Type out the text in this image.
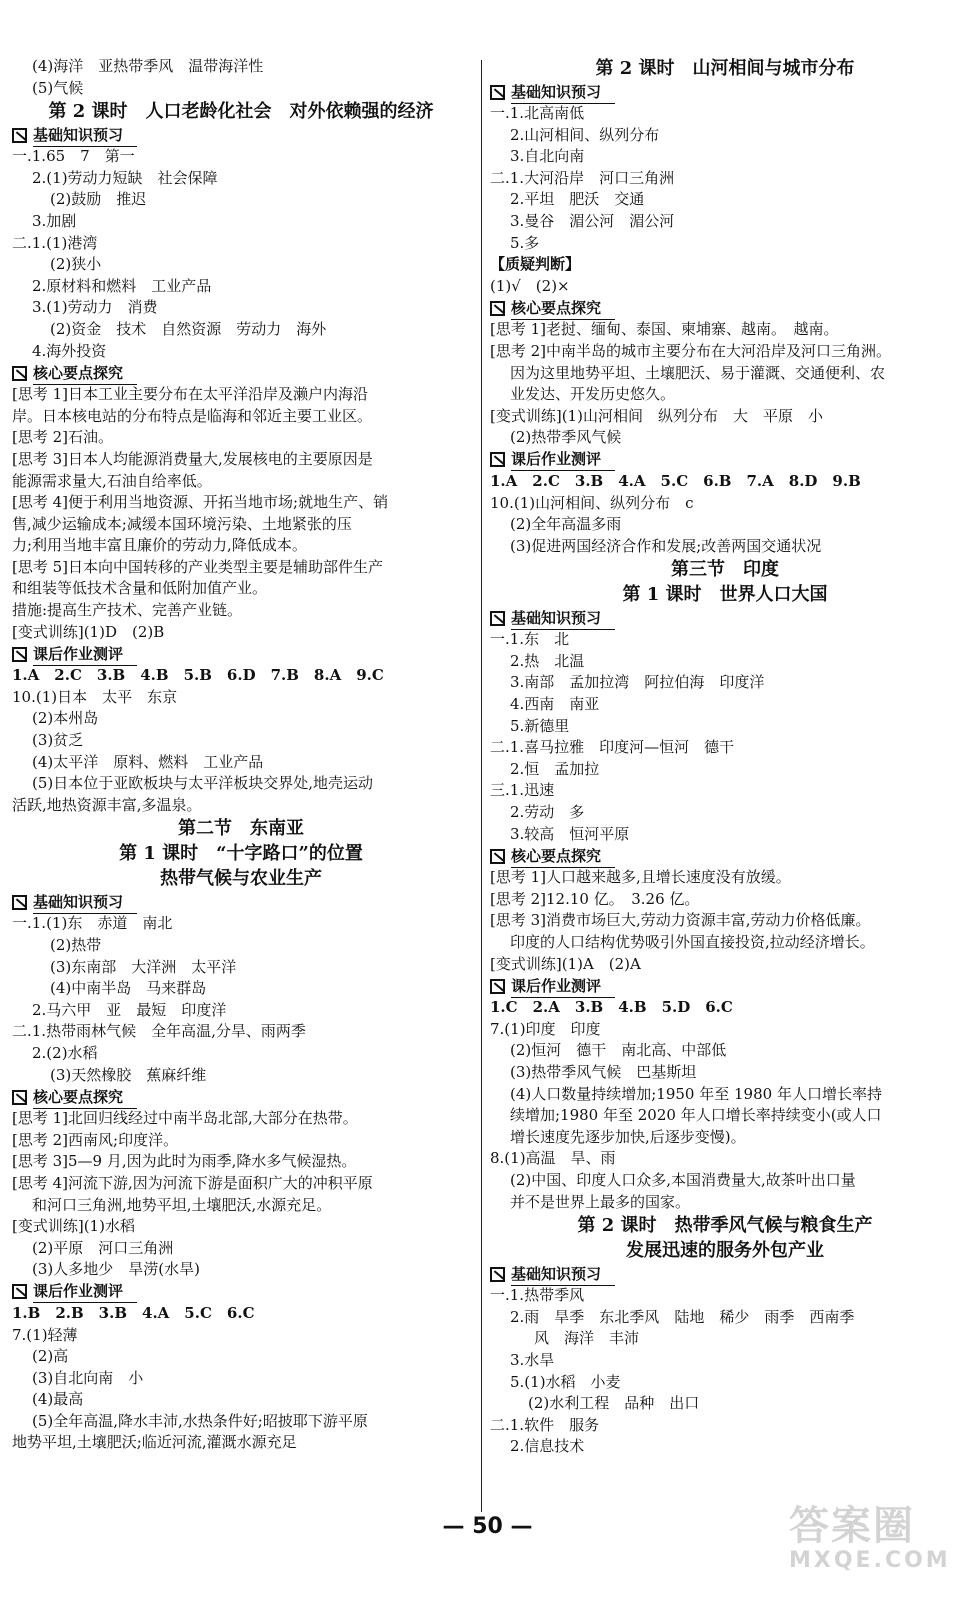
(4)海洋　亚热带季风　温带海洋性
(5)气候
第 2 课时　人口老龄化社会　对外依赖强的经济
基础知识预习
一.1.65　7　第一
2.(1)劳动力短缺　社会保障
(2)鼓励　推迟
3.加剧
二.1.(1)港湾
(2)狭小
2.原材料和燃料　工业产品
3.(1)劳动力　消费
(2)资金　技术　自然资源　劳动力　海外
4.海外投资
核心要点探究
[思考 1]日本工业主要分布在太平洋沿岸及濑户内海沿
岸。日本核电站的分布特点是临海和邻近主要工业区。
[思考 2]石油。
[思考 3]日本人均能源消费量大,发展核电的主要原因是
能源需求量大,石油自给率低。
[思考 4]便于利用当地资源、开拓当地市场;就地生产、销
售,减少运输成本;减缓本国环境污染、土地紧张的压
力;利用当地丰富且廉价的劳动力,降低成本。
[思考 5]日本向中国转移的产业类型主要是辅助部件生产
和组装等低技术含量和低附加值产业。
措施:提高生产技术、完善产业链。
[变式训练](1)D　(2)B
课后作业测评
1.A　2.C　3.B　4.B　5.B　6.D　7.B　8.A　9.C
10.(1)日本　太平　东京
(2)本州岛
(3)贫乏
(4)太平洋　原料、燃料　工业产品
(5)日本位于亚欧板块与太平洋板块交界处,地壳运动
活跃,地热资源丰富,多温泉。
第二节　东南亚
第 1 课时　“十字路口”的位置
热带气候与农业生产
基础知识预习
一.1.(1)东　赤道　南北
(2)热带
(3)东南部　大洋洲　太平洋
(4)中南半岛　马来群岛
2.马六甲　亚　最短　印度洋
二.1.热带雨林气候　全年高温,分旱、雨两季
2.(2)水稻
(3)天然橡胶　蕉麻纤维
核心要点探究
[思考 1]北回归线经过中南半岛北部,大部分在热带。
[思考 2]西南风;印度洋。
[思考 3]5—9 月,因为此时为雨季,降水多气候湿热。
[思考 4]河流下游,因为河流下游是面积广大的冲积平原
和河口三角洲,地势平坦,土壤肥沃,水源充足。
[变式训练](1)水稻
(2)平原　河口三角洲
(3)人多地少　旱涝(水旱)
课后作业测评
1.B　2.B　3.B　4.A　5.C　6.C
7.(1)轻薄
(2)高
(3)自北向南　小
(4)最高
(5)全年高温,降水丰沛,水热条件好;昭披耶下游平原
地势平坦,土壤肥沃;临近河流,灌溉水源充足
第 2 课时　山河相间与城市分布
基础知识预习
一.1.北高南低
2.山河相间、纵列分布
3.自北向南
二.1.大河沿岸　河口三角洲
2.平坦　肥沃　交通
3.曼谷　湄公河　湄公河
5.多
【质疑判断】
(1)√　(2)×
核心要点探究
[思考 1]老挝、缅甸、泰国、柬埔寨、越南。　越南。
[思考 2]中南半岛的城市主要分布在大河沿岸及河口三角洲。
因为这里地势平坦、土壤肥沃、易于灌溉、交通便利、农
业发达、开发历史悠久。
[变式训练](1)山河相间　纵列分布　大　平原　小
(2)热带季风气候
课后作业测评
1.A　2.C　3.B　4.A　5.C　6.B　7.A　8.D　9.B
10.(1)山河相间、纵列分布　c
(2)全年高温多雨
(3)促进两国经济合作和发展;改善两国交通状况
第三节　印度
第 1 课时　世界人口大国
基础知识预习
一.1.东　北
2.热　北温
3.南部　孟加拉湾　阿拉伯海　印度洋
4.西南　南亚
5.新德里
二.1.喜马拉雅　印度河—恒河　德干
2.恒　孟加拉
三.1.迅速
2.劳动　多
3.较高　恒河平原
核心要点探究
[思考 1]人口越来越多,且增长速度没有放缓。
[思考 2]12.10 亿。　3.26 亿。
[思考 3]消费市场巨大,劳动力资源丰富,劳动力价格低廉。
印度的人口结构优势吸引外国直接投资,拉动经济增长。
[变式训练](1)A　(2)A
课后作业测评
1.C　2.A　3.B　4.B　5.D　6.C
7.(1)印度　印度
(2)恒河　德干　南北高、中部低
(3)热带季风气候　巴基斯坦
(4)人口数量持续增加;1950 年至 1980 年人口增长率持
续增加;1980 年至 2020 年人口增长率持续变小(或人口
增长速度先逐步加快,后逐步变慢)。
8.(1)高温　旱、雨
(2)中国、印度人口众多,本国消费量大,故茶叶出口量
并不是世界上最多的国家。
第 2 课时　热带季风气候与粮食生产
发展迅速的服务外包产业
基础知识预习
一.1.热带季风
2.雨　旱季　东北季风　陆地　稀少　雨季　西南季
风　海洋　丰沛
3.水旱
5.(1)水稻　小麦
(2)水利工程　品种　出口
二.1.软件　服务
2.信息技术
— 50 —	答案圈
MXQE.COM
